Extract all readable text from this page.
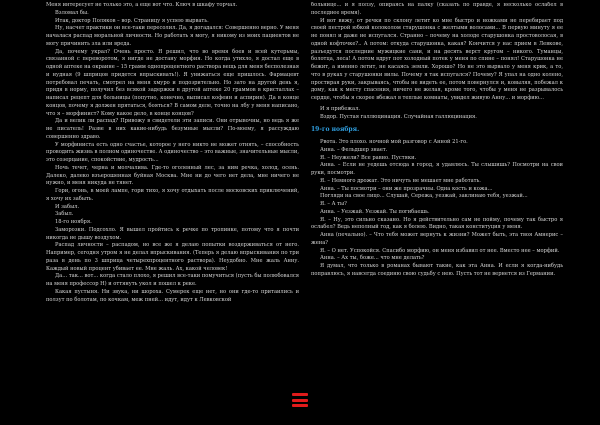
Меня интересует не только это, а еще вот что. Ключ в шкафу торчал.

Взломал бы.

Итак, доктор Поляков – вор. Страницу я успею вырвать.

Ну, насчет практики он все-таки пересолил. Да, я догадался: Совершенно верно. У меня началася распад моральной личности. Но работать я могу, я никому из моих пациентов не могу причинить зла или вреда.

Да, почему украл? Очень просто. Я решил, что во время боев и всей кутерьмы, связанной с переворотом, я нигде не достану морфия. Но когда утихло, я достал еще в одной аптеке на окраине – 15 грамм однопроцентного раствора вещь для меня бесполезная и нудная (9 шприцов придется впрыскивать!). Я унижаться еще пришлось. Фармацевт потребовал печать, смотрел на меня хмуро и подозрительно. Но зато на другой день я, придя в норму, получил без всякой задержки в другой аптеке 20 граммов в кристаллах – написал рецепт для больницы (попутно, конечно, выписал кофеин и аспирин). Да в конце концов, почему я должен прятаться, бояться? В самом деле, точно на лбу у меня написано, что я – морфинист? Кому какое дело, в конце концов?

Да и велик ли распад? Привожу в свидетели эти записи. Они отрывочны, но ведь я же не писатель! Разве в них какие-нибудь безумные мысли? По-моему, я рассуждаю совершенно здраво.

У морфиниста есть одно счастье, которое у него никто не может отнять, – способность проводить жизнь в полном одиночестве. А одиночество – это важные, значительные мысли, это созерцание, спокойствие, мудрость...

Ночь течет, черна и молчалива. Где-то оголенный лес, за ним речка, холод, осень. Далеко, далеко взъерошенная буйная Москва. Мне ни до чего нет дела, мне ничего не нужно, и меня никуда не тянет.

Гори, огонь, в моей лампе, гори тихо, я хочу отдыхать после московских приключений, я хочу их забыть.

И забыл.

Забыл.

18-го ноября.

Заморозки. Подсохло. Я вышел пройтись к речке по тропинке, потому что я почти никогда не дышу воздухом.

Распад личности – распадом, но все же я делаю попытки воздерживаться от него. Например, сегодня утром я не делал впрыскивания. (Теперь я делаю впрыскивания по три раза в день по 3 шприца четырехпроцентного раствора). Неудобно. Мне жаль Анну. Каждый новый процент убивает ее. Мне жаль. Ах, какой человек!

Да... так... вот... когда стало плохо, я решил все-таки помучиться (пусть бы полюбовался на меня профессор Н) и оттянуть укол и пошел к реке.

Какая пустыня. Ни звука, ни шороха. Сумерек еще нет, но они где-то притаились и ползут по болотам, по кочкам, меж пней... идут, идут к Левковской

больнице... и я ползу, опираясь на палку (сказать по правде, я несколько ослабел в последнее время).

И вот вижу, от речки по склону летит ко мне быстро и ножками не перебирает под своей пестрой юбкой колоколом старушонка с желтыми волосами... В первую минуту я ее не понял и даже не испугался. Странно – почему на холоде старушонка простоволосая, в одной кофточке?.. А потом: откуда старушонка, какая? Кончится у нас прием в Левкове, разъедутся последние мужицкие сани, и на десять верст кругом – никого. Туманцы, болотца, леса! А потом вдруг пот холодный потек у меня по спине – понял! Старушонка не бежит, а именно летит, не касаясь земли. Хорошо? Но не это вырвало у меня крик, а то, что в руках у старушонки вилы. Почему я так испугался? Почему? Я упал на одно колено, простирая руки, закрываясь, чтобы не видеть ее, потом повернулся и, ковыляя, побежал к дому, как к месту спасения, ничего не желая, кроме того, чтобы у меня не разрывалось сердце, чтобы я скорее вбежал в теплые комнаты, увидел живую Анну... и морфию...

И я прибежал.

Вздор. Пустая галлюцинация. Случайная галлюцинация.

19-го ноября.

Рвота. Это плохо. ночной мой разговор с Анной 21-го.

Анна. – Фельдшер знает.

Я. – Неужели? Все равно. Пустяки.

Анна. – Если не уедешь отсюда в город, я удавлюсь. Ты слышишь? Посмотри на свои руки, посмотри.

Я. – Немного дрожат. Это ничуть не мешает мне работать.

Анна. – Ты посмотри – они же прозрачны. Одна кость и кожа...

Погляди на свое лицо... Слушай, Сережа, уезжай, заклинаю тебя, уезжай...

Я. – А ты?

Анна. – Уезжай. Уезжай. Ты погибаешь.

Я. – Ну, это сильно сказано. Но я действительно сам не пойму, почему так быстро я ослабел? Ведь неполный год, как я болею. Видно, такая конституция у меня.

Анна (печально). – Что тебя может вернуть к жизни? Может быть, эта твоя Амнерис – жена?

Я. – О нет. Успокойся. Спасибо морфию, он меня избавил от нее. Вместо нее – морфий.

Анна. – Ах ты, боже... что мне делать?

Я думал, что только в романах бывают такие, как эта Анна. И если я когда-нибудь поправлюсь, я навсегда соединю свою судьбу с нею. Пусть тот не вернется из Германии.
